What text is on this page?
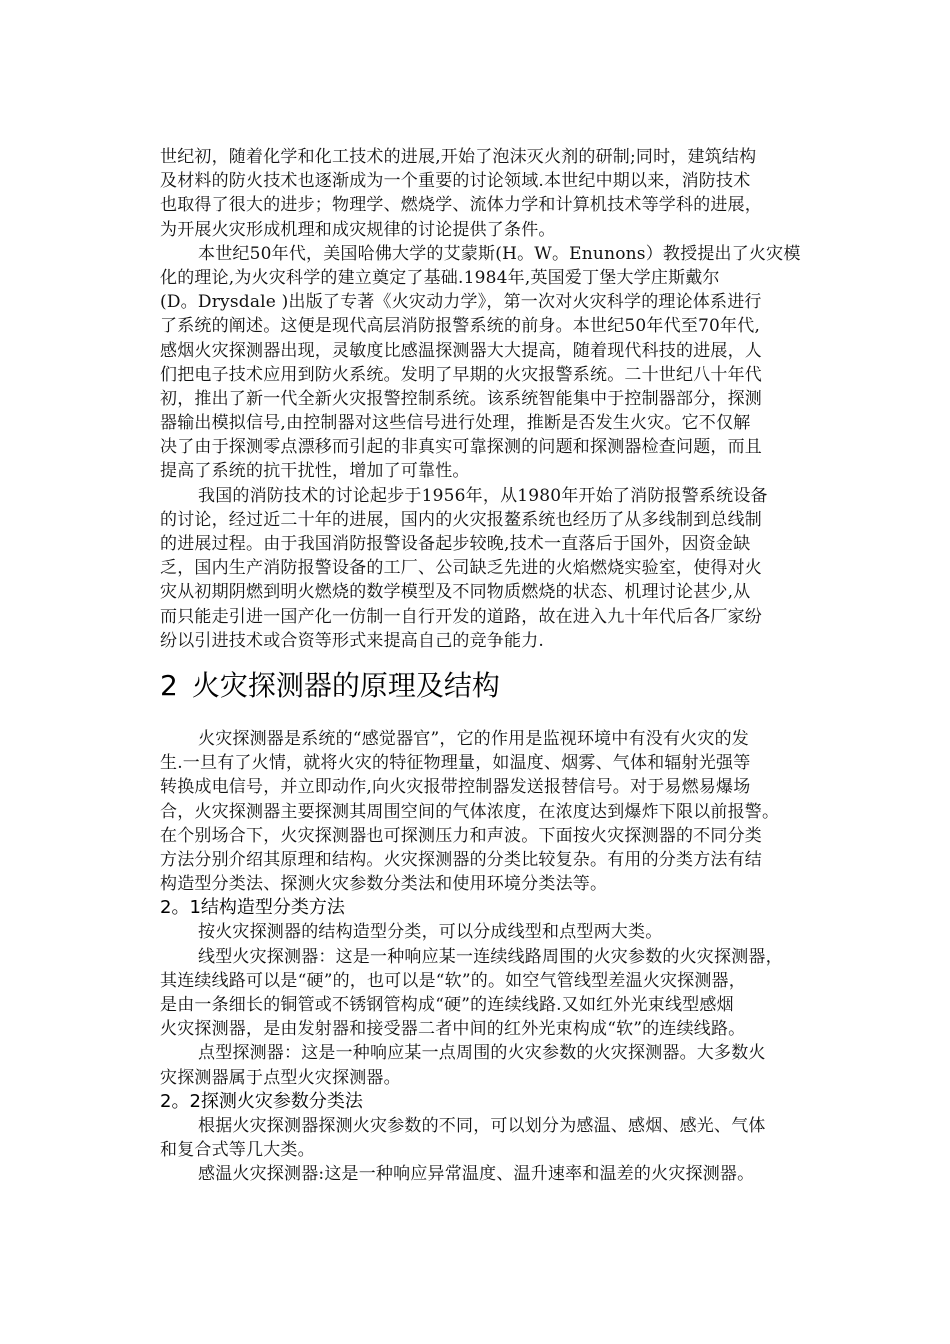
世纪初，随着化学和化工技术的进展,开始了泡沫灭火剂的研制;同时，建筑结构
及材料的防火技术也逐渐成为一个重要的讨论领域.本世纪中期以来，消防技术
也取得了很大的进步；物理学、燃烧学、流体力学和计算机技术等学科的进展，
为开展火灾形成机理和成灾规律的讨论提供了条件。
本世纪50年代，美国哈佛大学的艾蒙斯(H。W。Enunons）教授提出了火灾模
化的理论,为火灾科学的建立奠定了基础.1984年,英国爱丁堡大学庄斯戴尔
(D。Drysdale )出版了专著《火灾动力学》，第一次对火灾科学的理论体系进行
了系统的阐述。这便是现代高层消防报警系统的前身。本世纪50年代至70年代,
感烟火灾探测器出现，灵敏度比感温探测器大大提高，随着现代科技的进展，人
们把电子技术应用到防火系统。发明了早期的火灾报警系统。二十世纪八十年代
初，推出了新一代全新火灾报警控制系统。该系统智能集中于控制器部分，探测
器输出模拟信号,由控制器对这些信号进行处理，推断是否发生火灾。它不仅解
决了由于探测零点漂移而引起的非真实可靠探测的问题和探测器检查问题，而且
提高了系统的抗干扰性，增加了可靠性。
我国的消防技术的讨论起步于1956年，从1980年开始了消防报警系统设备
的讨论，经过近二十年的进展，国内的火灾报鳌系统也经历了从多线制到总线制
的进展过程。由于我国消防报警设备起步较晚,技术一直落后于国外，因资金缺
乏，国内生产消防报警设备的工厂、公司缺乏先进的火焰燃烧实验室，使得对火
灾从初期阴燃到明火燃烧的数学模型及不同物质燃烧的状态、机理讨论甚少,从
而只能走引进一国产化一仿制一自行开发的道路，故在进入九十年代后各厂家纷
纷以引进技术或合资等形式来提高自己的竞争能力.
2 火灾探测器的原理及结构
火灾探测器是系统的“感觉器官”，它的作用是监视环境中有没有火灾的发
生.一旦有了火情，就将火灾的特征物理量，如温度、烟雾、气体和辐射光强等
转换成电信号，并立即动作,向火灾报带控制器发送报替信号。对于易燃易爆场
合，火灾探测器主要探测其周围空间的气体浓度，在浓度达到爆炸下限以前报警。
在个别场合下，火灾探测器也可探测压力和声波。下面按火灾探测器的不同分类
方法分别介绍其原理和结构。火灾探测器的分类比较复杂。有用的分类方法有结
构造型分类法、探测火灾参数分类法和使用环境分类法等。
2。1结构造型分类方法
按火灾探测器的结构造型分类，可以分成线型和点型两大类。
线型火灾探测器：这是一种响应某一连续线路周围的火灾参数的火灾探测器，
其连续线路可以是“硬”的，也可以是“软”的。如空气管线型差温火灾探测器，
是由一条细长的铜管或不锈钢管构成“硬”的连续线路.又如红外光束线型感烟
火灾探测器，是由发射器和接受器二者中间的红外光束构成“软”的连续线路。
点型探测器：这是一种响应某一点周围的火灾参数的火灾探测器。大多数火
灾探测器属于点型火灾探测器。
2。2探测火灾参数分类法
根据火灾探测器探测火灾参数的不同，可以划分为感温、感烟、感光、气体
和复合式等几大类。
感温火灾探测器:这是一种响应异常温度、温升速率和温差的火灾探测器。
